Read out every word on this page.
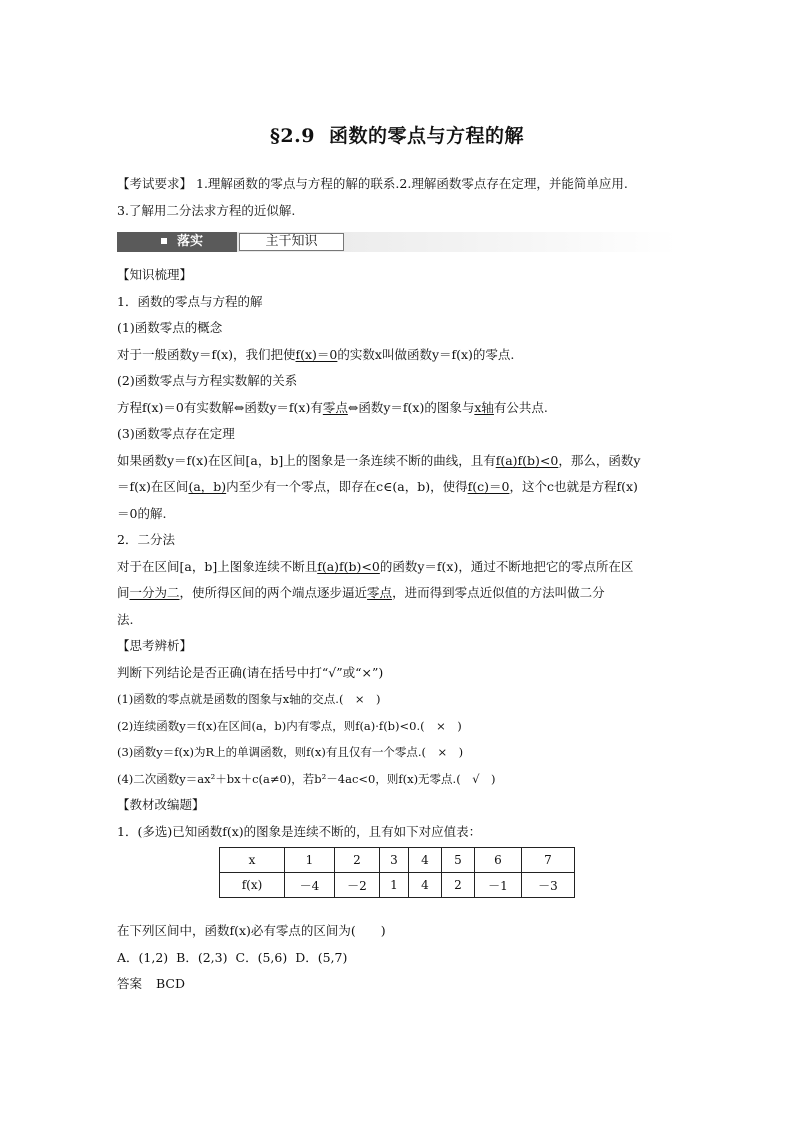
§2.9 函数的零点与方程的解
【考试要求】 1.理解函数的零点与方程的解的联系.2.理解函数零点存在定理，并能简单应用.
3.了解用二分法求方程的近似解.
落实	主干知识
【知识梳理】
1．函数的零点与方程的解
(1)函数零点的概念
对于一般函数y＝f(x)，我们把使f(x)＝0的实数x叫做函数y＝f(x)的零点.
(2)函数零点与方程实数解的关系
方程f(x)＝0有实数解⇔函数y＝f(x)有零点⇔函数y＝f(x)的图象与x轴有公共点.
(3)函数零点存在定理
如果函数y＝f(x)在区间[a，b]上的图象是一条连续不断的曲线，且有f(a)f(b)<0，那么，函数y
＝f(x)在区间(a，b)内至少有一个零点，即存在c∈(a，b)，使得f(c)＝0，这个c也就是方程f(x)
＝0的解.
2．二分法
对于在区间[a，b]上图象连续不断且f(a)f(b)<0的函数y＝f(x)，通过不断地把它的零点所在区
间一分为二，使所得区间的两个端点逐步逼近零点，进而得到零点近似值的方法叫做二分
法.
【思考辨析】
判断下列结论是否正确(请在括号中打“√”或“×”)
(1)函数的零点就是函数的图象与x轴的交点.(　×　)
(2)连续函数y＝f(x)在区间(a，b)内有零点，则f(a)·f(b)<0.(　×　)
(3)函数y＝f(x)为R上的单调函数，则f(x)有且仅有一个零点.(　×　)
(4)二次函数y＝ax²＋bx＋c(a≠0)，若b²－4ac<0，则f(x)无零点.(　√　)
【教材改编题】
1．(多选)已知函数f(x)的图象是连续不断的，且有如下对应值表：
x	1	2	3	4	5	6	7
f(x)	－4	－2	1	4	2	－1	－3
在下列区间中，函数f(x)必有零点的区间为(　　)
A．(1,2) B．(2,3) C．(5,6) D．(5,7)
答案 BCD
